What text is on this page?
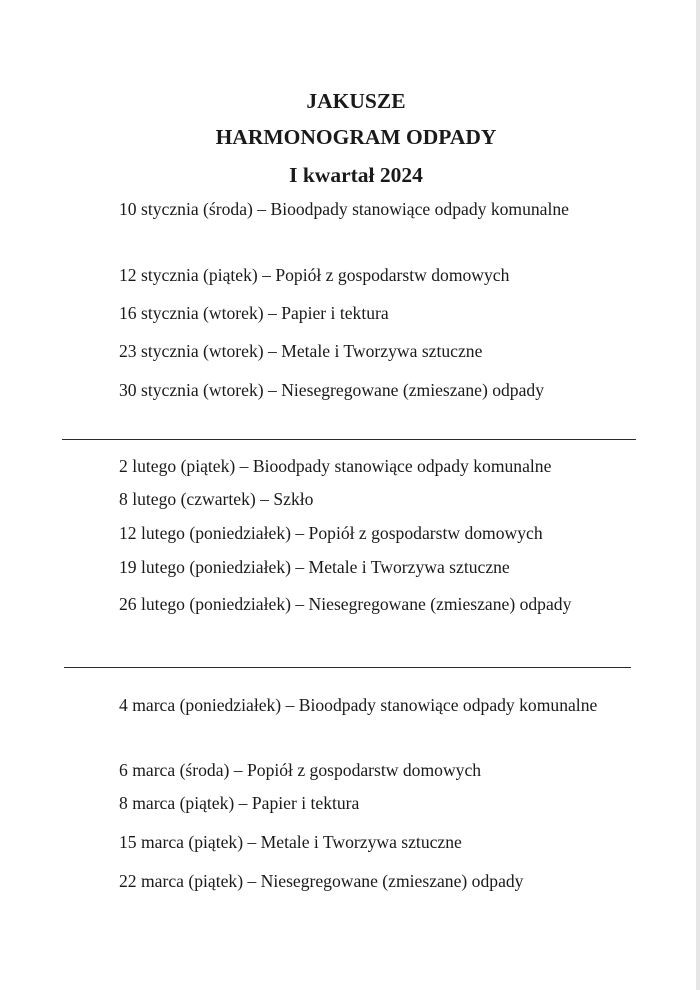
JAKUSZE
HARMONOGRAM ODPADY
I kwartał 2024

10 stycznia (środa) – Bioodpady stanowiące odpady komunalne

12 stycznia (piątek) – Popiół z gospodarstw domowych

16 stycznia (wtorek) – Papier i tektura

23 stycznia (wtorek) – Metale i Tworzywa sztuczne

30 stycznia (wtorek) – Niesegregowane (zmieszane) odpady

2 lutego (piątek) – Bioodpady stanowiące odpady komunalne

8 lutego (czwartek) – Szkło

12 lutego (poniedziałek) – Popiół z gospodarstw domowych

19 lutego (poniedziałek) – Metale i Tworzywa sztuczne

26 lutego (poniedziałek) – Niesegregowane (zmieszane) odpady

4 marca (poniedziałek) – Bioodpady stanowiące odpady komunalne

6 marca (środa) – Popiół z gospodarstw domowych

8 marca (piątek) – Papier i tektura

15 marca (piątek) – Metale i Tworzywa sztuczne

22 marca (piątek) – Niesegregowane (zmieszane) odpady
